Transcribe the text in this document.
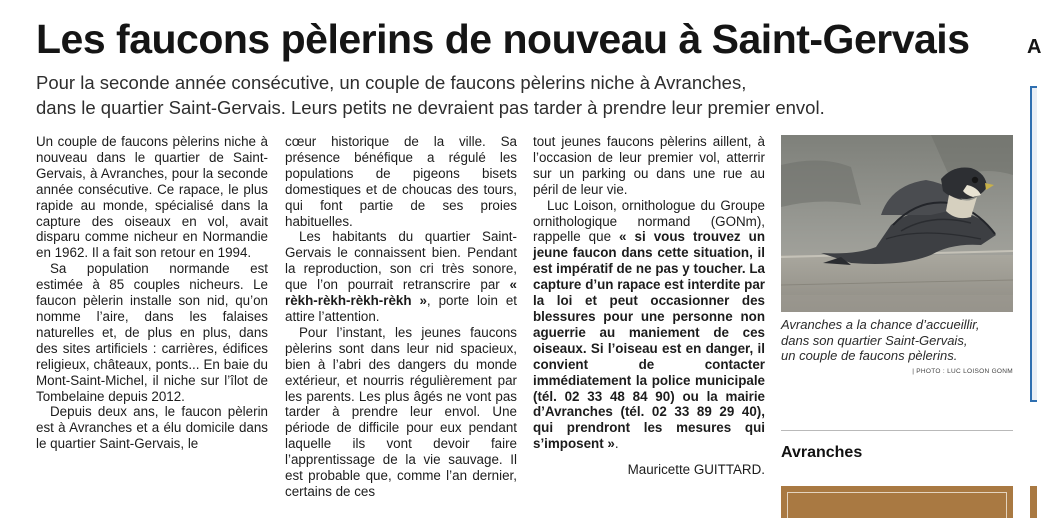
Les faucons pèlerins de nouveau à Saint-Gervais	A

Pour la seconde année consécutive, un couple de faucons pèlerins niche à Avranches,

dans le quartier Saint-Gervais. Leurs petits ne devraient pas tarder à prendre leur premier envol.

Un couple de faucons pèlerins niche à nouveau dans le quartier de Saint-Gervais, à Avranches, pour la seconde année consécutive. Ce rapace, le plus rapide au monde, spécialisé dans la capture des oiseaux en vol, avait disparu comme nicheur en Normandie en 1962. Il a fait son retour en 1994.

Sa population normande est estimée à 85 couples nicheurs. Le faucon pèlerin installe son nid, qu’on nomme l’aire, dans les falaises naturelles et, de plus en plus, dans des sites artificiels : carrières, édifices religieux, châteaux, ponts... En baie du Mont-Saint-Michel, il niche sur l’îlot de Tombelaine depuis 2012.

Depuis deux ans, le faucon pèlerin est à Avranches et a élu domicile dans le quartier Saint-Gervais, le

cœur historique de la ville. Sa présence bénéfique a régulé les populations de pigeons bisets domestiques et de choucas des tours, qui font partie de ses proies habituelles.

Les habitants du quartier Saint-Gervais le connaissent bien. Pendant la reproduction, son cri très sonore, que l’on pourrait retranscrire par « rèkh-rèkh-rèkh-rèkh », porte loin et attire l’attention.

Pour l’instant, les jeunes faucons pèlerins sont dans leur nid spacieux, bien à l’abri des dangers du monde extérieur, et nourris régulièrement par les parents. Les plus âgés ne vont pas tarder à prendre leur envol. Une période de difficile pour eux pendant laquelle ils vont devoir faire l’apprentissage de la vie sauvage. Il est probable que, comme l’an dernier, certains de ces

tout jeunes faucons pèlerins aillent, à l’occasion de leur premier vol, atterrir sur un parking ou dans une rue au péril de leur vie.

Luc Loison, ornithologue du Groupe ornithologique normand (GONm), rappelle que « si vous trouvez un jeune faucon dans cette situation, il est impératif de ne pas y toucher. La capture d’un rapace est interdite par la loi et peut occasionner des blessures pour une personne non aguerrie au maniement de ces oiseaux. Si l’oiseau est en danger, il convient de contacter immédiatement la police municipale (tél. 02 33 48 84 90) ou la mairie d’Avranches (tél. 02 33 89 29 40), qui prendront les mesures qui s’imposent ».

Mauricette GUITTARD.

Avranches a la chance d’accueillir,

dans son quartier Saint-Gervais,

un couple de faucons pèlerins.

| PHOTO : LUC LOISON GONM
Avranches
